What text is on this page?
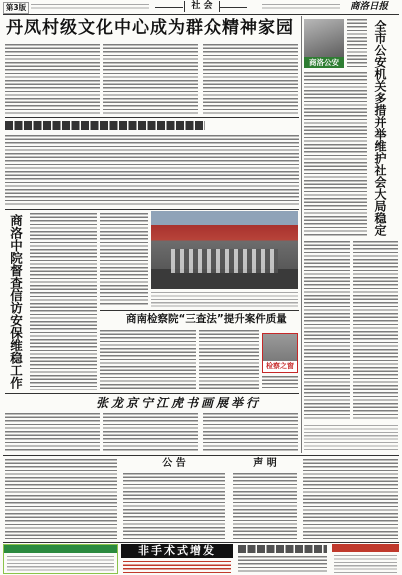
第3版	社 会	商洛日报
丹凤村级文化中心成为群众精神家园
商洛中院督查信访安保维稳工作	商南检察院“三查法”提升案件质量
检察之窗
张龙京宁江虎书画展举行
商洛公安	全市公安机关多措并举维护社会大局稳定
公 告	声 明
非手术式增发
